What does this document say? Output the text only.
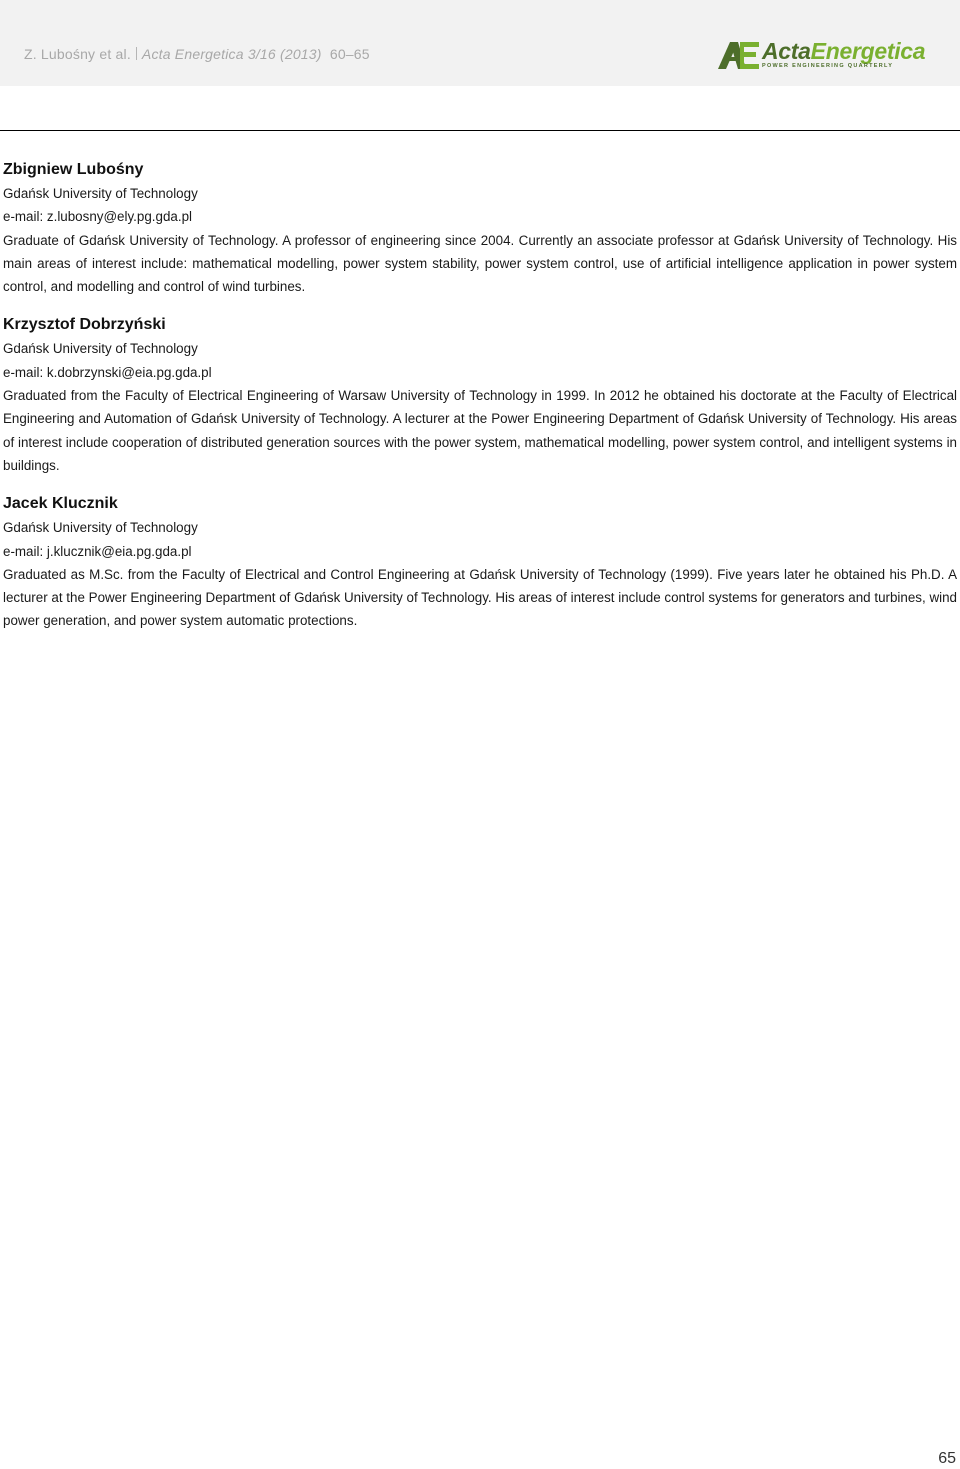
Z. Lubośny et al. Acta Energetica 3/16 (2013) 60–65	ActaEnergetica
POWER ENGINEERING QUARTERLY
Zbigniew Lubośny

Gdańsk University of Technology

e-mail: z.lubosny@ely.pg.gda.pl

Graduate of Gdańsk University of Technology. A professor of engineering since 2004. Currently an associate professor at Gdańsk University of Technology. His main areas of interest include: mathematical modelling, power system stability, power system control, use of artificial intelligence application in power system control, and modelling and control of wind turbines.

Krzysztof Dobrzyński

Gdańsk University of Technology

e-mail: k.dobrzynski@eia.pg.gda.pl

Graduated from the Faculty of Electrical Engineering of Warsaw University of Technology in 1999. In 2012 he obtained his doctorate at the Faculty of Electrical Engineering and Automation of Gdańsk University of Technology. A lecturer at the Power Engineering Department of Gdańsk University of Technology. His areas of interest include cooperation of distributed generation sources with the power system, mathematical modelling, power system control, and intelligent systems in buildings.

Jacek Klucznik

Gdańsk University of Technology

e-mail: j.klucznik@eia.pg.gda.pl

Graduated as M.Sc. from the Faculty of Electrical and Control Engineering at Gdańsk University of Technology (1999). Five years later he obtained his Ph.D. A lecturer at the Power Engineering Department of Gdańsk University of Technology. His areas of interest include control systems for generators and turbines, wind power generation, and power system automatic protections.

65
